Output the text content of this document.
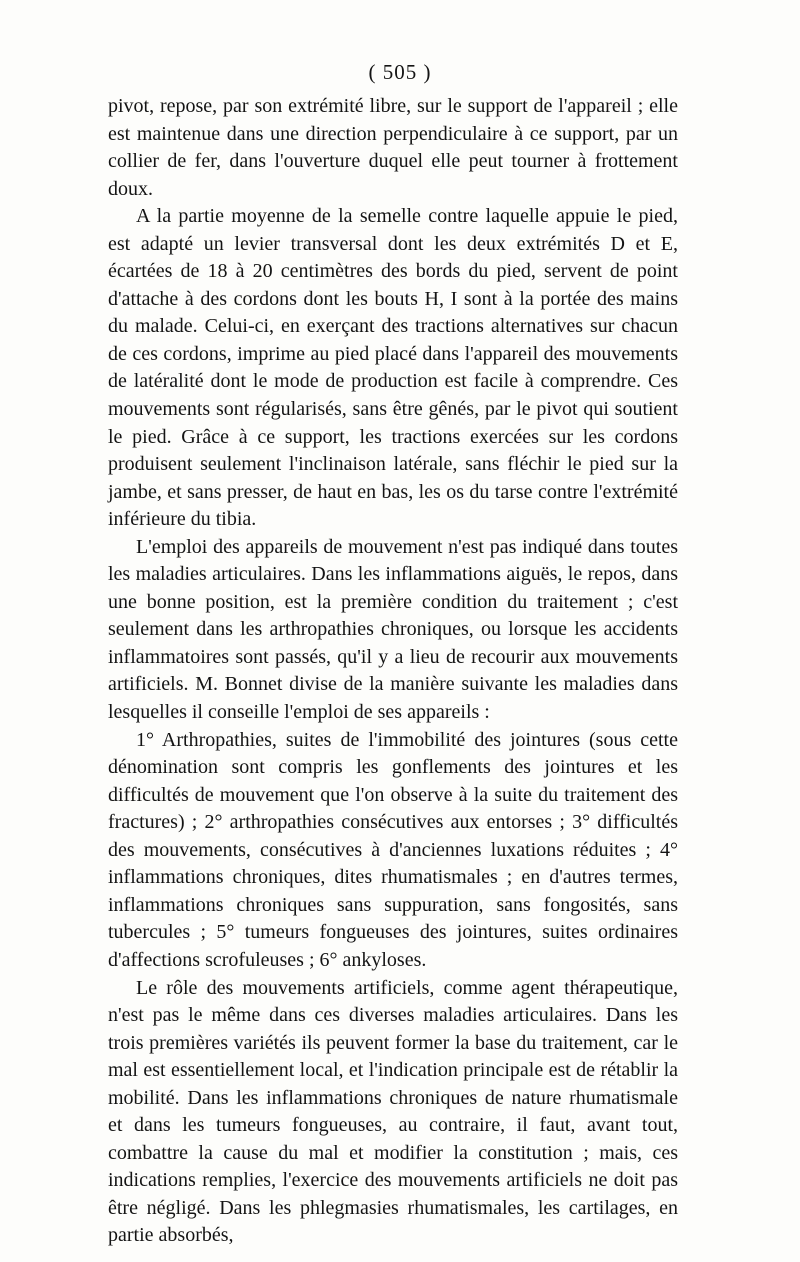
( 505 )

pivot, repose, par son extrémité libre, sur le support de l'appareil ; elle est maintenue dans une direction perpendiculaire à ce support, par un collier de fer, dans l'ouverture duquel elle peut tourner à frottement doux.

A la partie moyenne de la semelle contre laquelle appuie le pied, est adapté un levier transversal dont les deux extrémités D et E, écartées de 18 à 20 centimètres des bords du pied, servent de point d'attache à des cordons dont les bouts H, I sont à la portée des mains du malade. Celui-ci, en exerçant des tractions alternatives sur chacun de ces cordons, imprime au pied placé dans l'appareil des mouvements de latéralité dont le mode de production est facile à comprendre. Ces mouvements sont régularisés, sans être gênés, par le pivot qui soutient le pied. Grâce à ce support, les tractions exercées sur les cordons produisent seulement l'inclinaison latérale, sans fléchir le pied sur la jambe, et sans presser, de haut en bas, les os du tarse contre l'extrémité inférieure du tibia.

L'emploi des appareils de mouvement n'est pas indiqué dans toutes les maladies articulaires. Dans les inflammations aiguës, le repos, dans une bonne position, est la première condition du traitement ; c'est seulement dans les arthropathies chroniques, ou lorsque les accidents inflammatoires sont passés, qu'il y a lieu de recourir aux mouvements artificiels. M. Bonnet divise de la manière suivante les maladies dans lesquelles il conseille l'emploi de ses appareils :

1° Arthropathies, suites de l'immobilité des jointures (sous cette dénomination sont compris les gonflements des jointures et les difficultés de mouvement que l'on observe à la suite du traitement des fractures) ; 2° arthropathies consécutives aux entorses ; 3° difficultés des mouvements, consécutives à d'anciennes luxations réduites ; 4° inflammations chroniques, dites rhumatismales ; en d'autres termes, inflammations chroniques sans suppuration, sans fongosités, sans tubercules ; 5° tumeurs fongueuses des jointures, suites ordinaires d'affections scrofuleuses ; 6° ankyloses.

Le rôle des mouvements artificiels, comme agent thérapeutique, n'est pas le même dans ces diverses maladies articulaires. Dans les trois premières variétés ils peuvent former la base du traitement, car le mal est essentiellement local, et l'indication principale est de rétablir la mobilité. Dans les inflammations chroniques de nature rhumatismale et dans les tumeurs fongueuses, au contraire, il faut, avant tout, combattre la cause du mal et modifier la constitution ; mais, ces indications remplies, l'exercice des mouvements artificiels ne doit pas être négligé. Dans les phlegmasies rhumatismales, les cartilages, en partie absorbés,
